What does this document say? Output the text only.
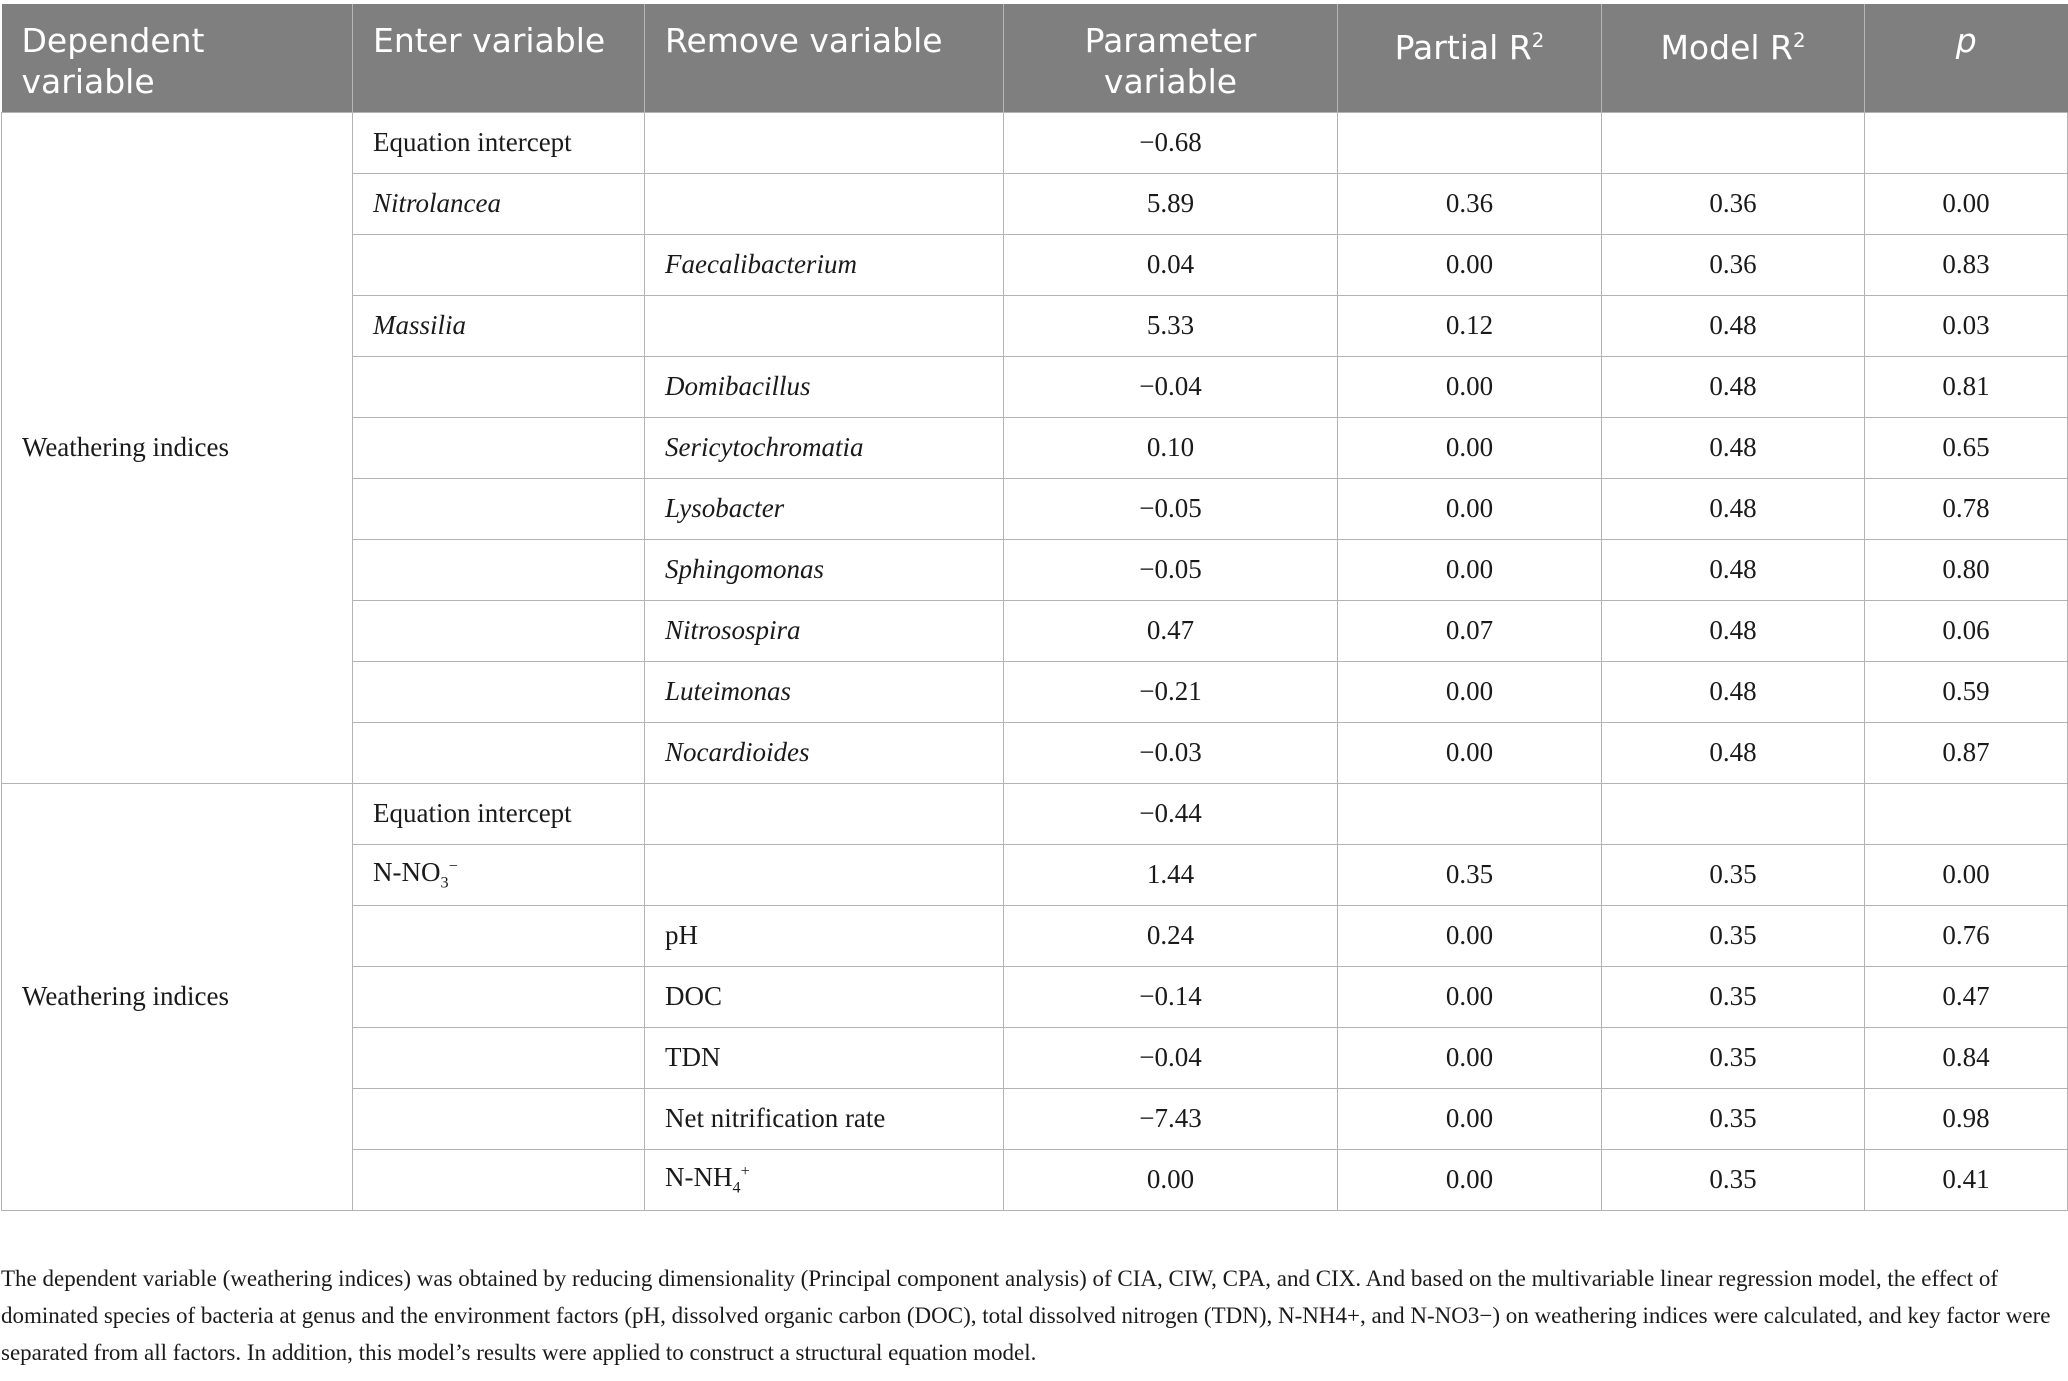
Dependent variable	Enter variable	Remove variable	Parameter variable	Partial $R^2$	Model $R^2$	p
Weathering indices	Equation intercept		−0.68			
	Nitrolancea		5.89	0.36	0.36	0.00
		Faecalibacterium	0.04	0.00	0.36	0.83
	Massilia		5.33	0.12	0.48	0.03
		Domibacillus	−0.04	0.00	0.48	0.81
		Sericytochromatia	0.10	0.00	0.48	0.65
		Lysobacter	−0.05	0.00	0.48	0.78
		Sphingomonas	−0.05	0.00	0.48	0.80
		Nitrosospira	0.47	0.07	0.48	0.06
		Luteimonas	−0.21	0.00	0.48	0.59
		Nocardioides	−0.03	0.00	0.48	0.87
Weathering indices	Equation intercept		−0.44			
	$N-NO_3^-$		1.44	0.35	0.35	0.00
		pH	0.24	0.00	0.35	0.76
		DOC	−0.14	0.00	0.35	0.47
		TDN	−0.04	0.00	0.35	0.84
		Net nitrification rate	−7.43	0.00	0.35	0.98
		$N-NH_4^+$	0.00	0.00	0.35	0.41
The dependent variable (weathering indices) was obtained by reducing dimensionality (Principal component analysis) of CIA, CIW, CPA, and CIX. And based on the multivariable linear regression model, the effect of dominated species of bacteria at genus and the environment factors (pH, dissolved organic carbon (DOC), total dissolved nitrogen (TDN), N-NH4+, and N-NO3−) on weathering indices were calculated, and key factor were separated from all factors. In addition, this model’s results were applied to construct a structural equation model.
